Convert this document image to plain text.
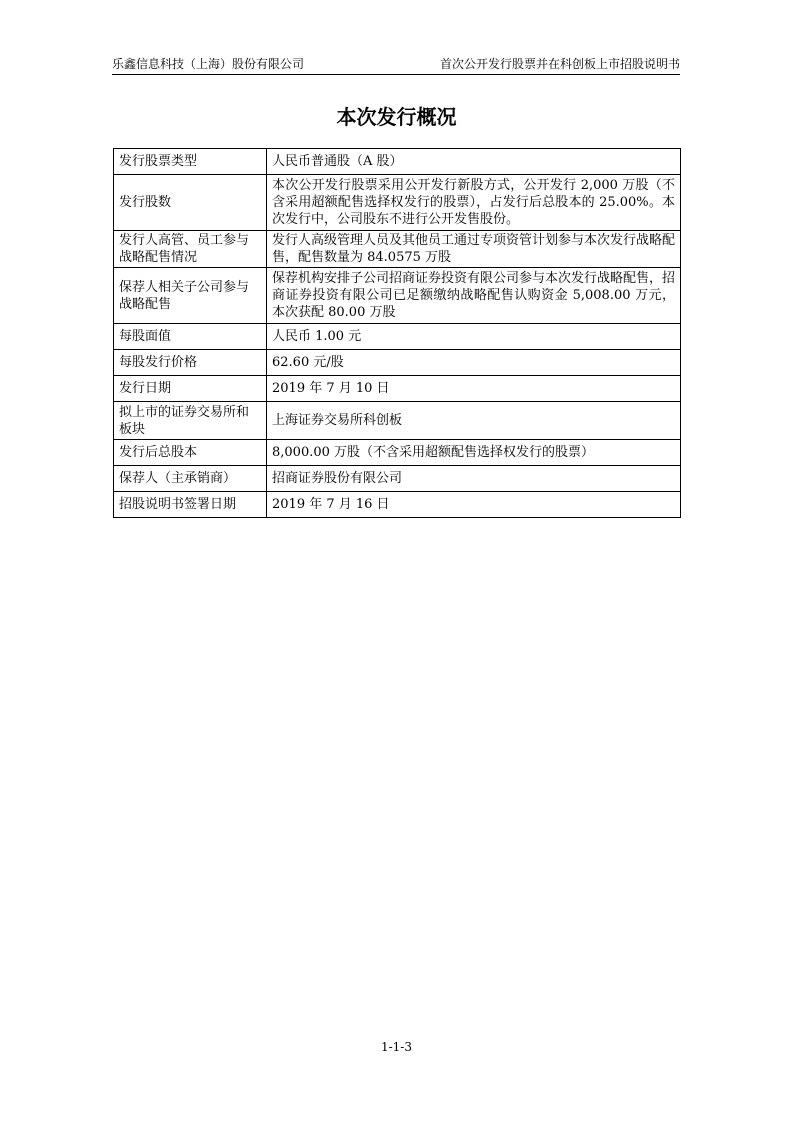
乐鑫信息科技（上海）股份有限公司	首次公开发行股票并在科创板上市招股说明书
本次发行概况
发行股票类型	人民币普通股（A 股）
发行股数	本次公开发行股票采用公开发行新股方式，公开发行 2,000 万股（不含采用超额配售选择权发行的股票），占发行后总股本的 25.00%。本次发行中，公司股东不进行公开发售股份。
发行人高管、员工参与战略配售情况	发行人高级管理人员及其他员工通过专项资管计划参与本次发行战略配售，配售数量为 84.0575 万股
保荐人相关子公司参与战略配售	保荐机构安排子公司招商证券投资有限公司参与本次发行战略配售，招商证券投资有限公司已足额缴纳战略配售认购资金 5,008.00 万元，本次获配 80.00 万股
每股面值	人民币 1.00 元
每股发行价格	62.60 元/股
发行日期	2019 年 7 月 10 日
拟上市的证券交易所和板块	上海证券交易所科创板
发行后总股本	8,000.00 万股（不含采用超额配售选择权发行的股票）
保荐人（主承销商）	招商证券股份有限公司
招股说明书签署日期	2019 年 7 月 16 日
1-1-3
